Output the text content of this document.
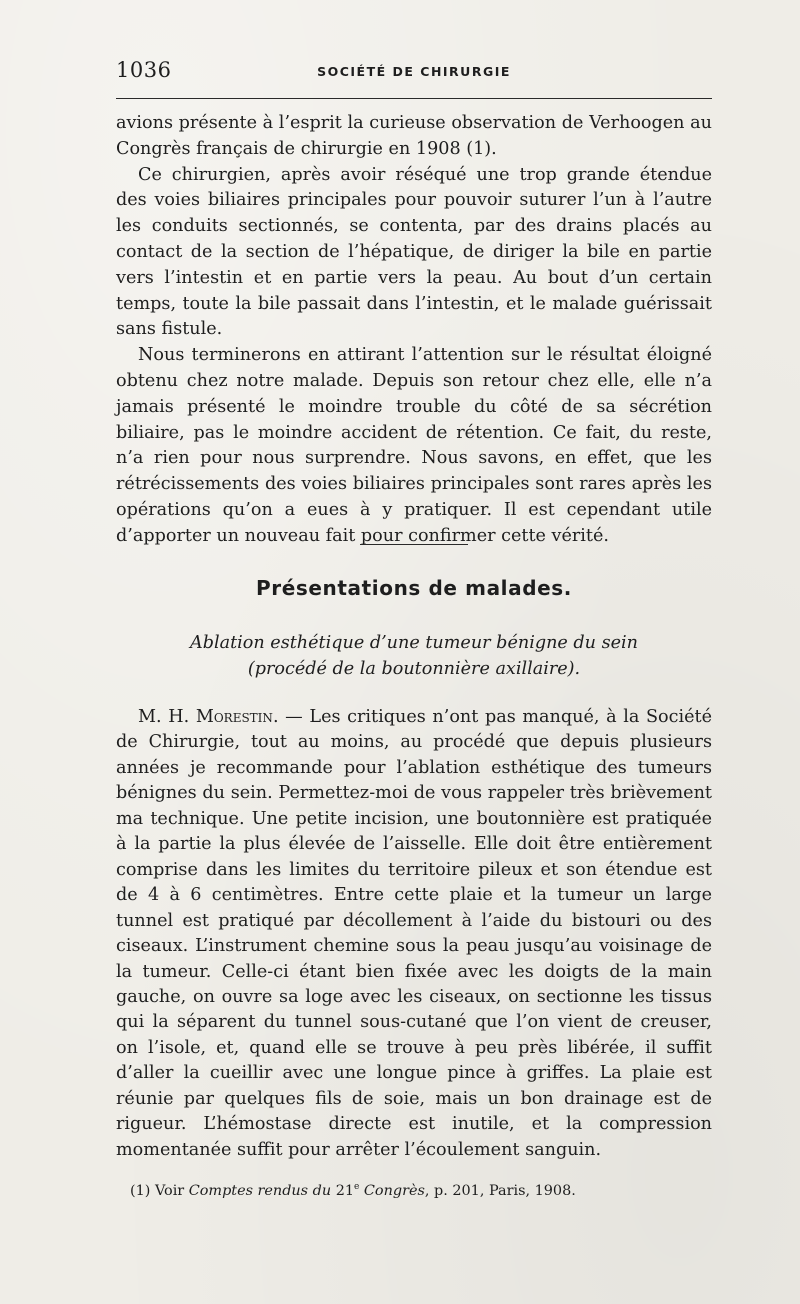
1036	SOCIÉTÉ DE CHIRURGIE

avions présente à l’esprit la curieuse observation de Verhoogen au Congrès français de chirurgie en 1908 (1).

Ce chirurgien, après avoir réséqué une trop grande étendue des voies biliaires principales pour pouvoir suturer l’un à l’autre les conduits sectionnés, se contenta, par des drains placés au contact de la section de l’hépatique, de diriger la bile en partie vers l’intestin et en partie vers la peau. Au bout d’un certain temps, toute la bile passait dans l’intestin, et le malade guérissait sans fistule.

Nous terminerons en attirant l’attention sur le résultat éloigné obtenu chez notre malade. Depuis son retour chez elle, elle n’a jamais présenté le moindre trouble du côté de sa sécrétion biliaire, pas le moindre accident de rétention. Ce fait, du reste, n’a rien pour nous surprendre. Nous savons, en effet, que les rétrécissements des voies biliaires principales sont rares après les opérations qu’on a eues à y pratiquer. Il est cependant utile d’apporter un nouveau fait pour confirmer cette vérité.

Présentations de malades.
Ablation esthétique d’une tumeur bénigne du sein
(procédé de la boutonnière axillaire).

M. H. Morestin. — Les critiques n’ont pas manqué, à la Société de Chirurgie, tout au moins, au procédé que depuis plusieurs années je recommande pour l’ablation esthétique des tumeurs bénignes du sein. Permettez-moi de vous rappeler très brièvement ma technique. Une petite incision, une boutonnière est pratiquée à la partie la plus élevée de l’aisselle. Elle doit être entièrement comprise dans les limites du territoire pileux et son étendue est de 4 à 6 centimètres. Entre cette plaie et la tumeur un large tunnel est pratiqué par décollement à l’aide du bistouri ou des ciseaux. L’instrument chemine sous la peau jusqu’au voisinage de la tumeur. Celle-ci étant bien fixée avec les doigts de la main gauche, on ouvre sa loge avec les ciseaux, on sectionne les tissus qui la séparent du tunnel sous-cutané que l’on vient de creuser, on l’isole, et, quand elle se trouve à peu près libérée, il suffit d’aller la cueillir avec une longue pince à griffes. La plaie est réunie par quelques fils de soie, mais un bon drainage est de rigueur. L’hémostase directe est inutile, et la compression momentanée suffit pour arrêter l’écoulement sanguin.

(1) Voir Comptes rendus du 21e Congrès, p. 201, Paris, 1908.
